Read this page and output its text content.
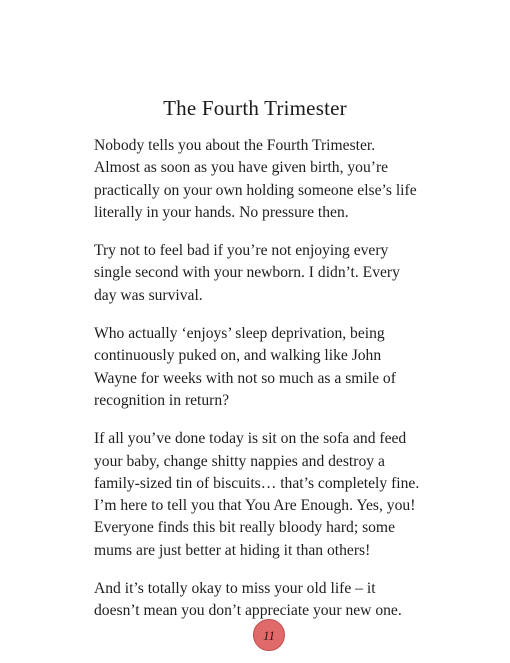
The Fourth Trimester

Nobody tells you about the Fourth Trimester.
Almost as soon as you have given birth, you’re
practically on your own holding someone else’s life
literally in your hands. No pressure then.

Try not to feel bad if you’re not enjoying every
single second with your newborn. I didn’t. Every
day was survival.

Who actually ‘enjoys’ sleep deprivation, being
continuously puked on, and walking like John
Wayne for weeks with not so much as a smile of
recognition in return?

If all you’ve done today is sit on the sofa and feed
your baby, change shitty nappies and destroy a
family-sized tin of biscuits… that’s completely fine.
I’m here to tell you that You Are Enough. Yes, you!
Everyone finds this bit really bloody hard; some
mums are just better at hiding it than others!

And it’s totally okay to miss your old life – it
doesn’t mean you don’t appreciate your new one.

11
